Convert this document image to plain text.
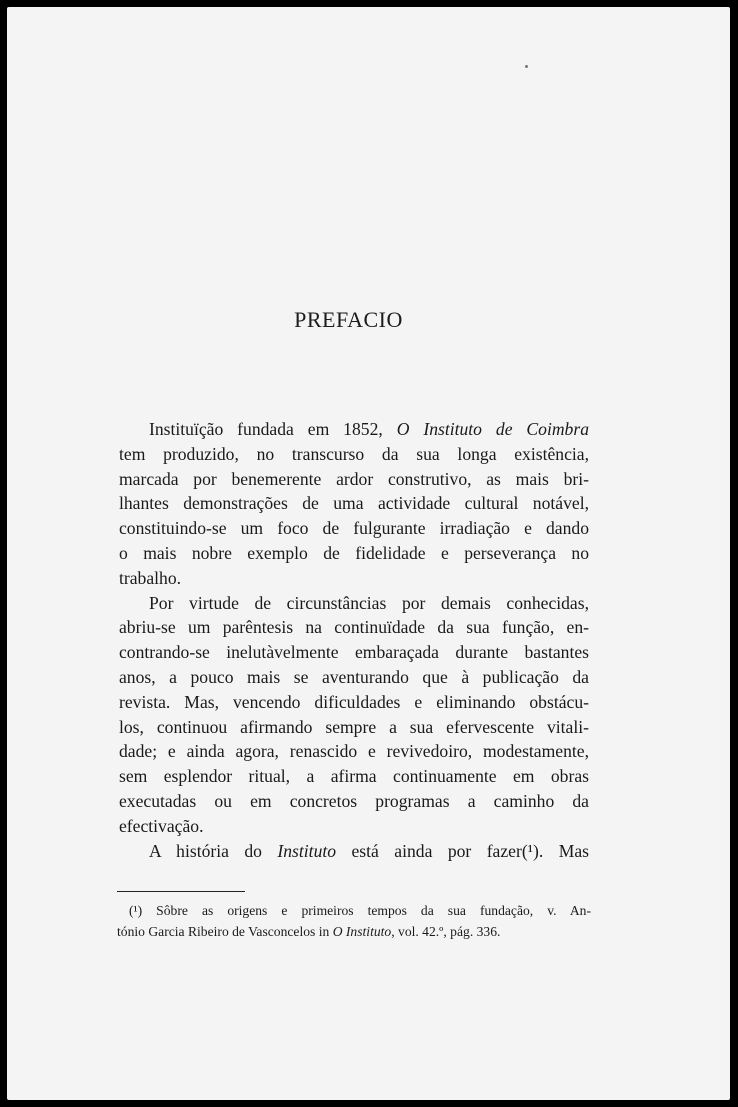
PREFACIO
Instituïção fundada em 1852, O Instituto de Coimbra
tem produzido, no transcurso da sua longa existência,
marcada por benemerente ardor construtivo, as mais bri-
lhantes demonstrações de uma actividade cultural notável,
constituindo-se um foco de fulgurante irradiação e dando
o mais nobre exemplo de fidelidade e perseverança no
trabalho.
Por virtude de circunstâncias por demais conhecidas,
abriu-se um parêntesis na continuïdade da sua função, en-
contrando-se inelutàvelmente embaraçada durante bastantes
anos, a pouco mais se aventurando que à publicação da
revista. Mas, vencendo dificuldades e eliminando obstácu-
los, continuou afirmando sempre a sua efervescente vitali-
dade; e ainda agora, renascido e revivedoiro, modestamente,
sem esplendor ritual, a afirma continuamente em obras
executadas ou em concretos programas a caminho da
efectivação.
A história do Instituto está ainda por fazer(¹). Mas
(¹) Sôbre as origens e primeiros tempos da sua fundação, v. An-
tónio Garcia Ribeiro de Vasconcelos in O Instituto, vol. 42.º, pág. 336.
